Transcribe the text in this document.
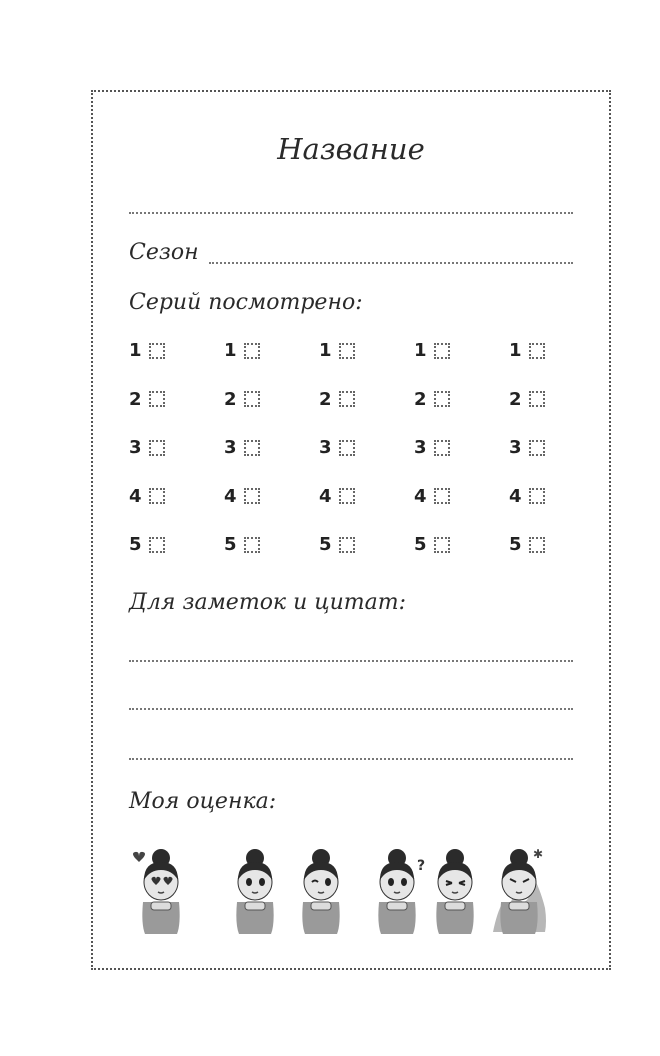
Название
Сезон
Серий посмотрено:
1
2
3
4
5
1
2
3
4
5
1
2
3
4
5
1
2
3
4
5
1
2
3
4
5
Для заметок и цитат:
Моя оценка:
?
✱
